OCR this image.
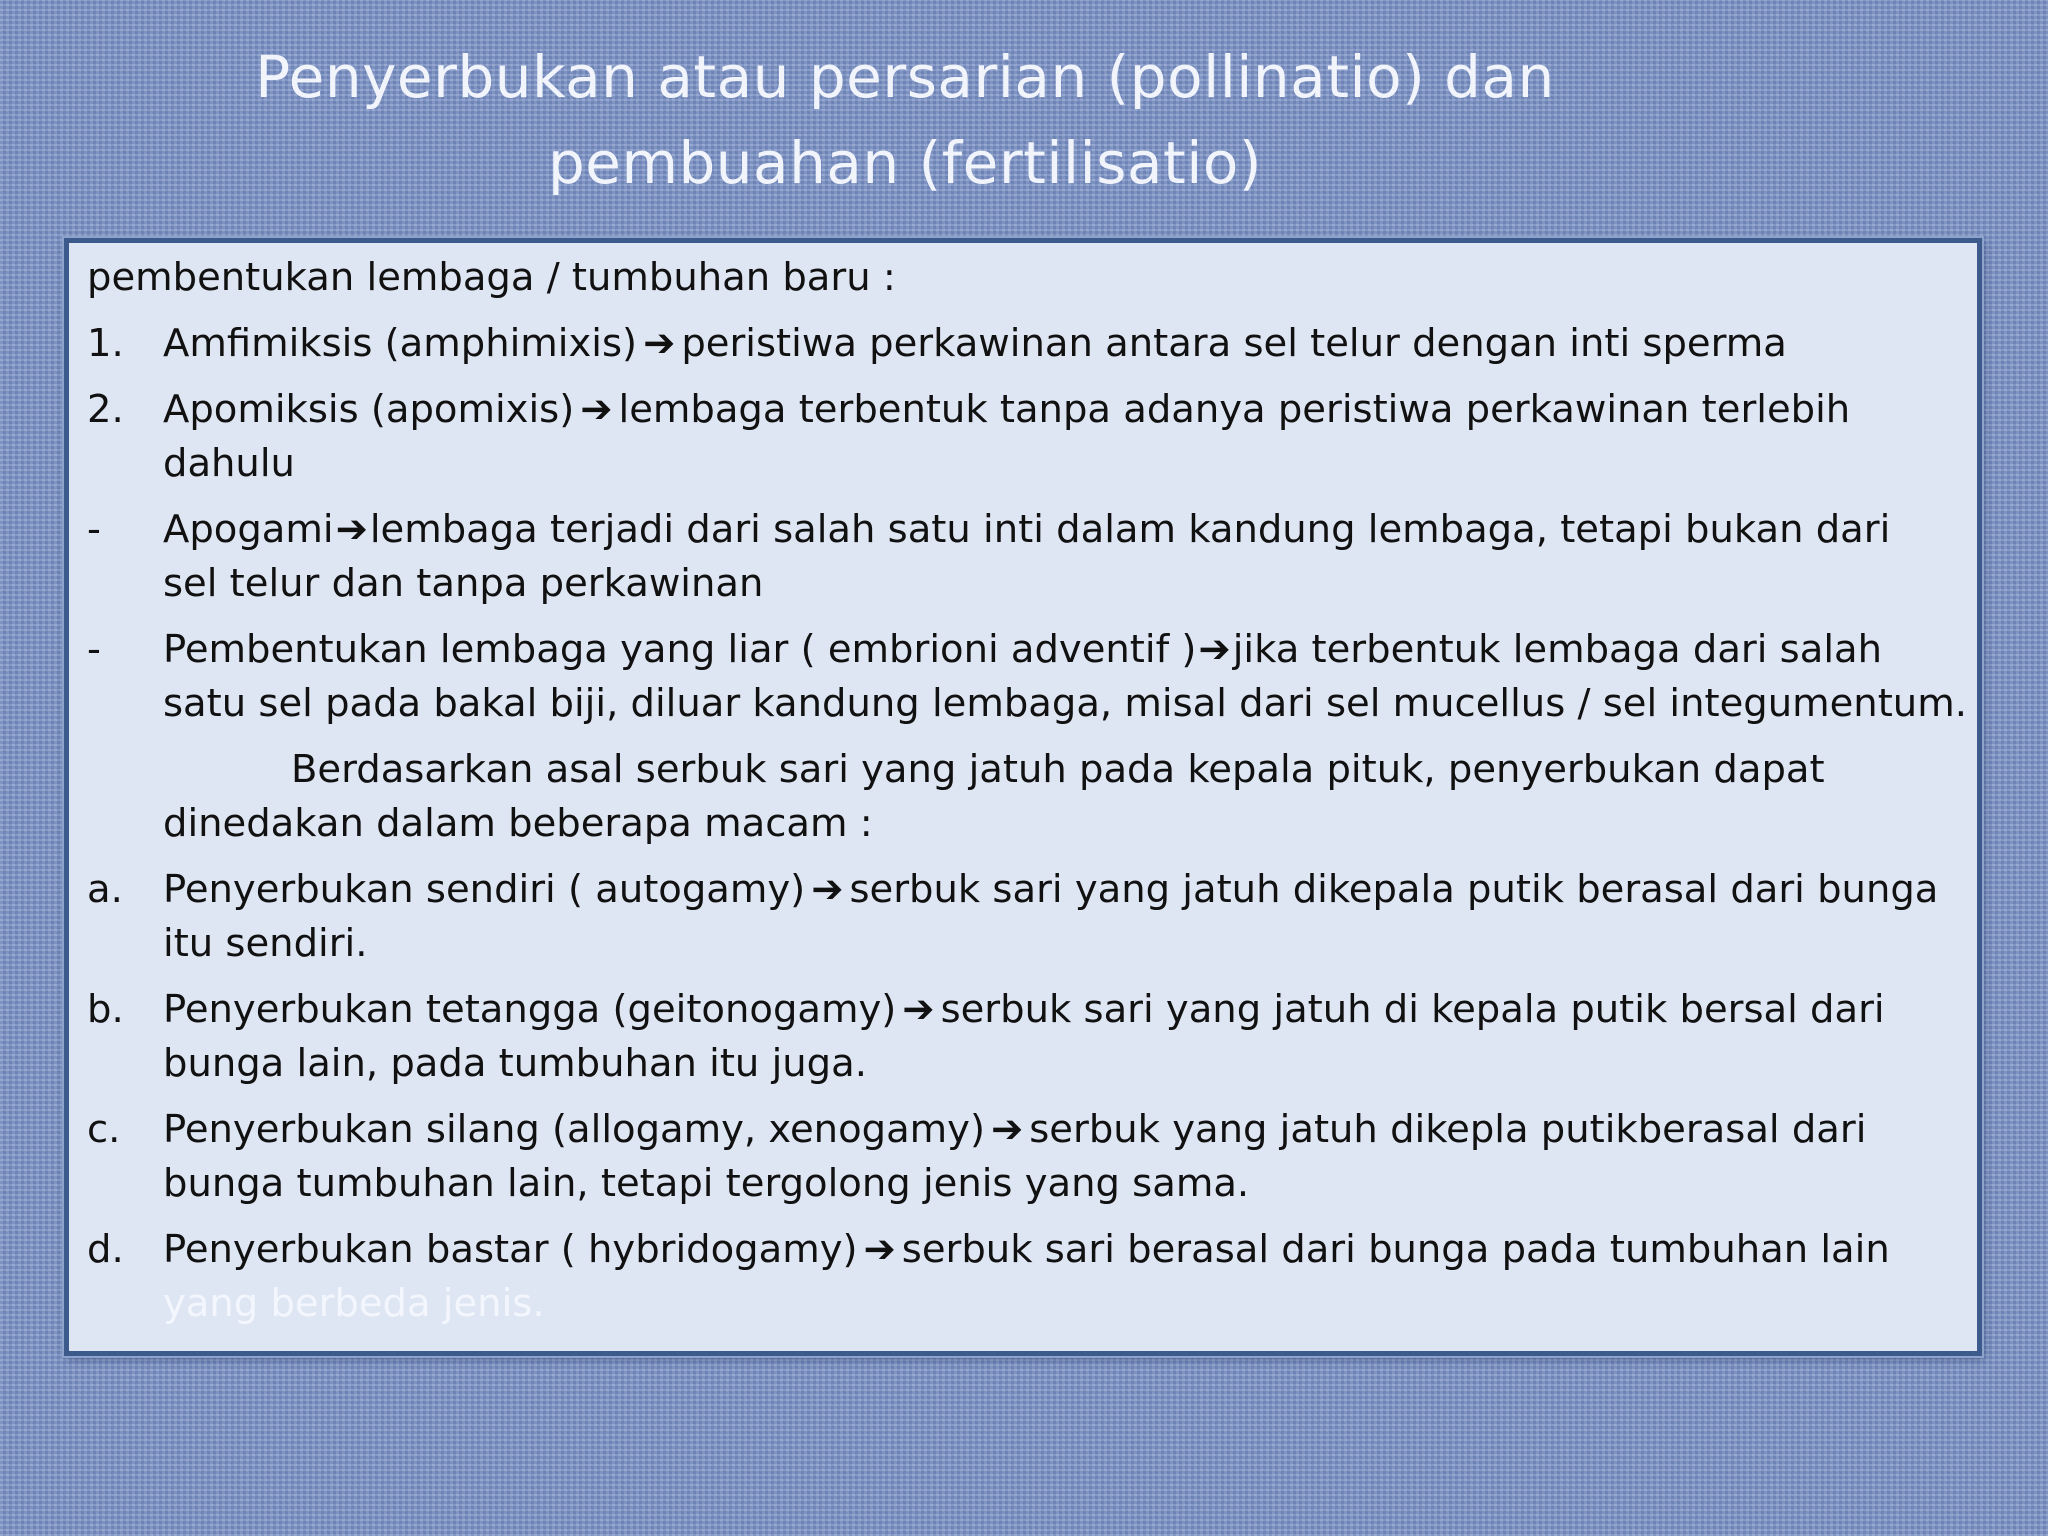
Penyerbukan atau persarian (pollinatio) dan
pembuahan (fertilisatio)
pembentukan lembaga / tumbuhan baru :
1.	Amfimiksis (amphimixis) ➔ peristiwa perkawinan antara sel telur dengan inti sperma
2.	Apomiksis (apomixis) ➔ lembaga terbentuk tanpa adanya peristiwa perkawinan terlebih
dahulu
-	Apogami➔lembaga terjadi dari salah satu inti dalam kandung lembaga, tetapi bukan dari
sel telur dan tanpa perkawinan
-	Pembentukan lembaga yang liar ( embrioni adventif )➔jika terbentuk lembaga dari salah
satu sel pada bakal biji, diluar kandung lembaga, misal dari sel mucellus / sel integumentum.
Berdasarkan asal serbuk sari yang jatuh pada kepala pituk, penyerbukan dapat
dinedakan dalam beberapa macam :
a.	Penyerbukan sendiri ( autogamy) ➔ serbuk sari yang jatuh dikepala putik berasal dari bunga
itu sendiri.
b.	Penyerbukan tetangga (geitonogamy) ➔ serbuk sari yang jatuh di kepala putik bersal dari
bunga lain, pada tumbuhan itu juga.
c.	Penyerbukan silang (allogamy, xenogamy) ➔ serbuk yang jatuh dikepla putikberasal dari
bunga tumbuhan lain, tetapi tergolong jenis yang sama.
d.	Penyerbukan bastar ( hybridogamy) ➔ serbuk sari berasal dari bunga pada tumbuhan lain
yang berbeda jenis.
